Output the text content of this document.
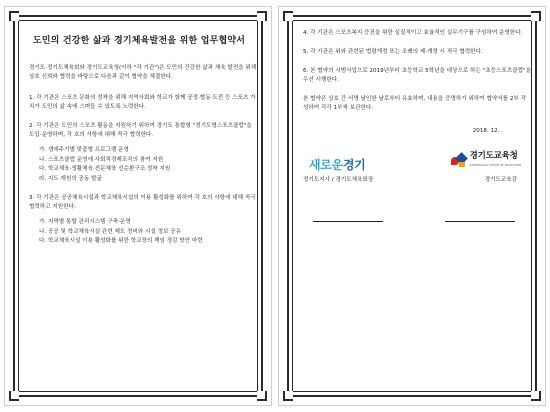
도민의 건강한 삶과 경기체육발전을 위한 업무협약서

경기도·경기도체육회와 경기도교육청(이하 "각 기관")은 도민의 건강한 삶과 체육 발전을 위해 상호 신뢰와 협력을 바탕으로 다음과 같이 협약을 체결한다.

1. 각 기관은 스포츠 문화의 정착을 위해 지역사회와 학교가 함께 공정·협동·도전 등 스포츠 가치가 도민의 삶 속에 스며들 수 있도록 노력한다.

2. 각 기관은 도민의 스포츠 활동을 지원하기 위하여 경기도 통합형 "경기도형스포츠클럽"을 도입·운영하며, 각 호의 사항에 대해 적극 협력한다.

가. 생애주기별 맞춤형 프로그램 운영
나. 스포츠클럽 운영에 사회적경제조직의 참여 지원
다. 학교체육·생활체육·전문체육 선순환구조 정착 지원
라. 지도 재원의 공동 발굴

3. 각 기관은 공공체육시설과 학교체육시설의 이용 활성화를 위하여 각 호의 사항에 대해 적극 협력하고 지원한다.

가. 지역별 통합 관리시스템 구축·운영
나. 공공 및 학교체육시설 관련 제도 정비와 시설 정보 공유
다. 학교체육시설 이용 활성화를 위한 학교장의 책임 경감 방안 마련

4. 각 기관은 스포츠복지 증진을 위한 실질적이고 효율적인 실무기구를 구성하여 운영한다.

5. 각 기관은 위와 관련된 법령개정 또는 조례의 제·개정 시 적극 협력한다.

6. 본 협약의 시범사업으로 2019년부터 초등학교 5학년을 대상으로 하는 "초등스포츠클럽"을 우선 시행한다.

본 협약은 상호 간 서명 날인한 날로부터 유효하며, 내용을 증명하기 위하여 협약서를 2부 작성하여 각각 1부씩 보관한다.

2018. 12. .
새로운경기
경기도교육청
GYEONGGIDO OFFICE OF EDUCATION
경기도지사 / 경기도체육회장	경기도교육감
